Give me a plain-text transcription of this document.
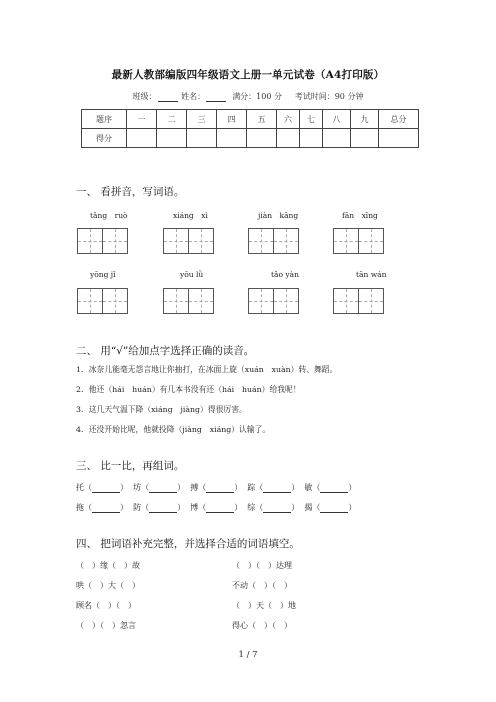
最新人教部编版四年级语文上册一单元试卷（A4打印版）
班级：	姓名：	满分：100 分 考试时间：90 分钟
题序	一	二	三	四	五	六	七	八	九	总分
得分										
一、 看拼音，写词语。
tǎng　ruò	xiáng　xì	jiàn　kāng	fān　xīng
yōng jǐ	yōu lǜ	tǎo yàn	tān wán
二、 用“√”给加点字选择正确的读音。
1．冰奈儿能毫无怨言地让你抽打，在冰面上旋（xuán　xuàn）转、舞蹈。
2．他还（hái　huán）有几本书没有还（hái　huán）给我呢！
3．这几天气温下降（xiáng　jiàng）得很厉害。
4．还没开始比呢，他就投降（jiàng　xiáng）认输了。
三、 比一比，再组词。
托（	）  坊（	）  搏（	）  踪（	）  敏（	）
拖（	）  防（	）  博（	）  综（	）  揭（	）
四、 把词语补充完整，并选择合适的词语填空。
（　）缘（　）故	（　）（　）达理
哄（　）大（　）	不动（　）（　）
顾名（　）（　）	（　）天（　）地
（　）（　）忽言	得心（　）（　）
1 / 7
